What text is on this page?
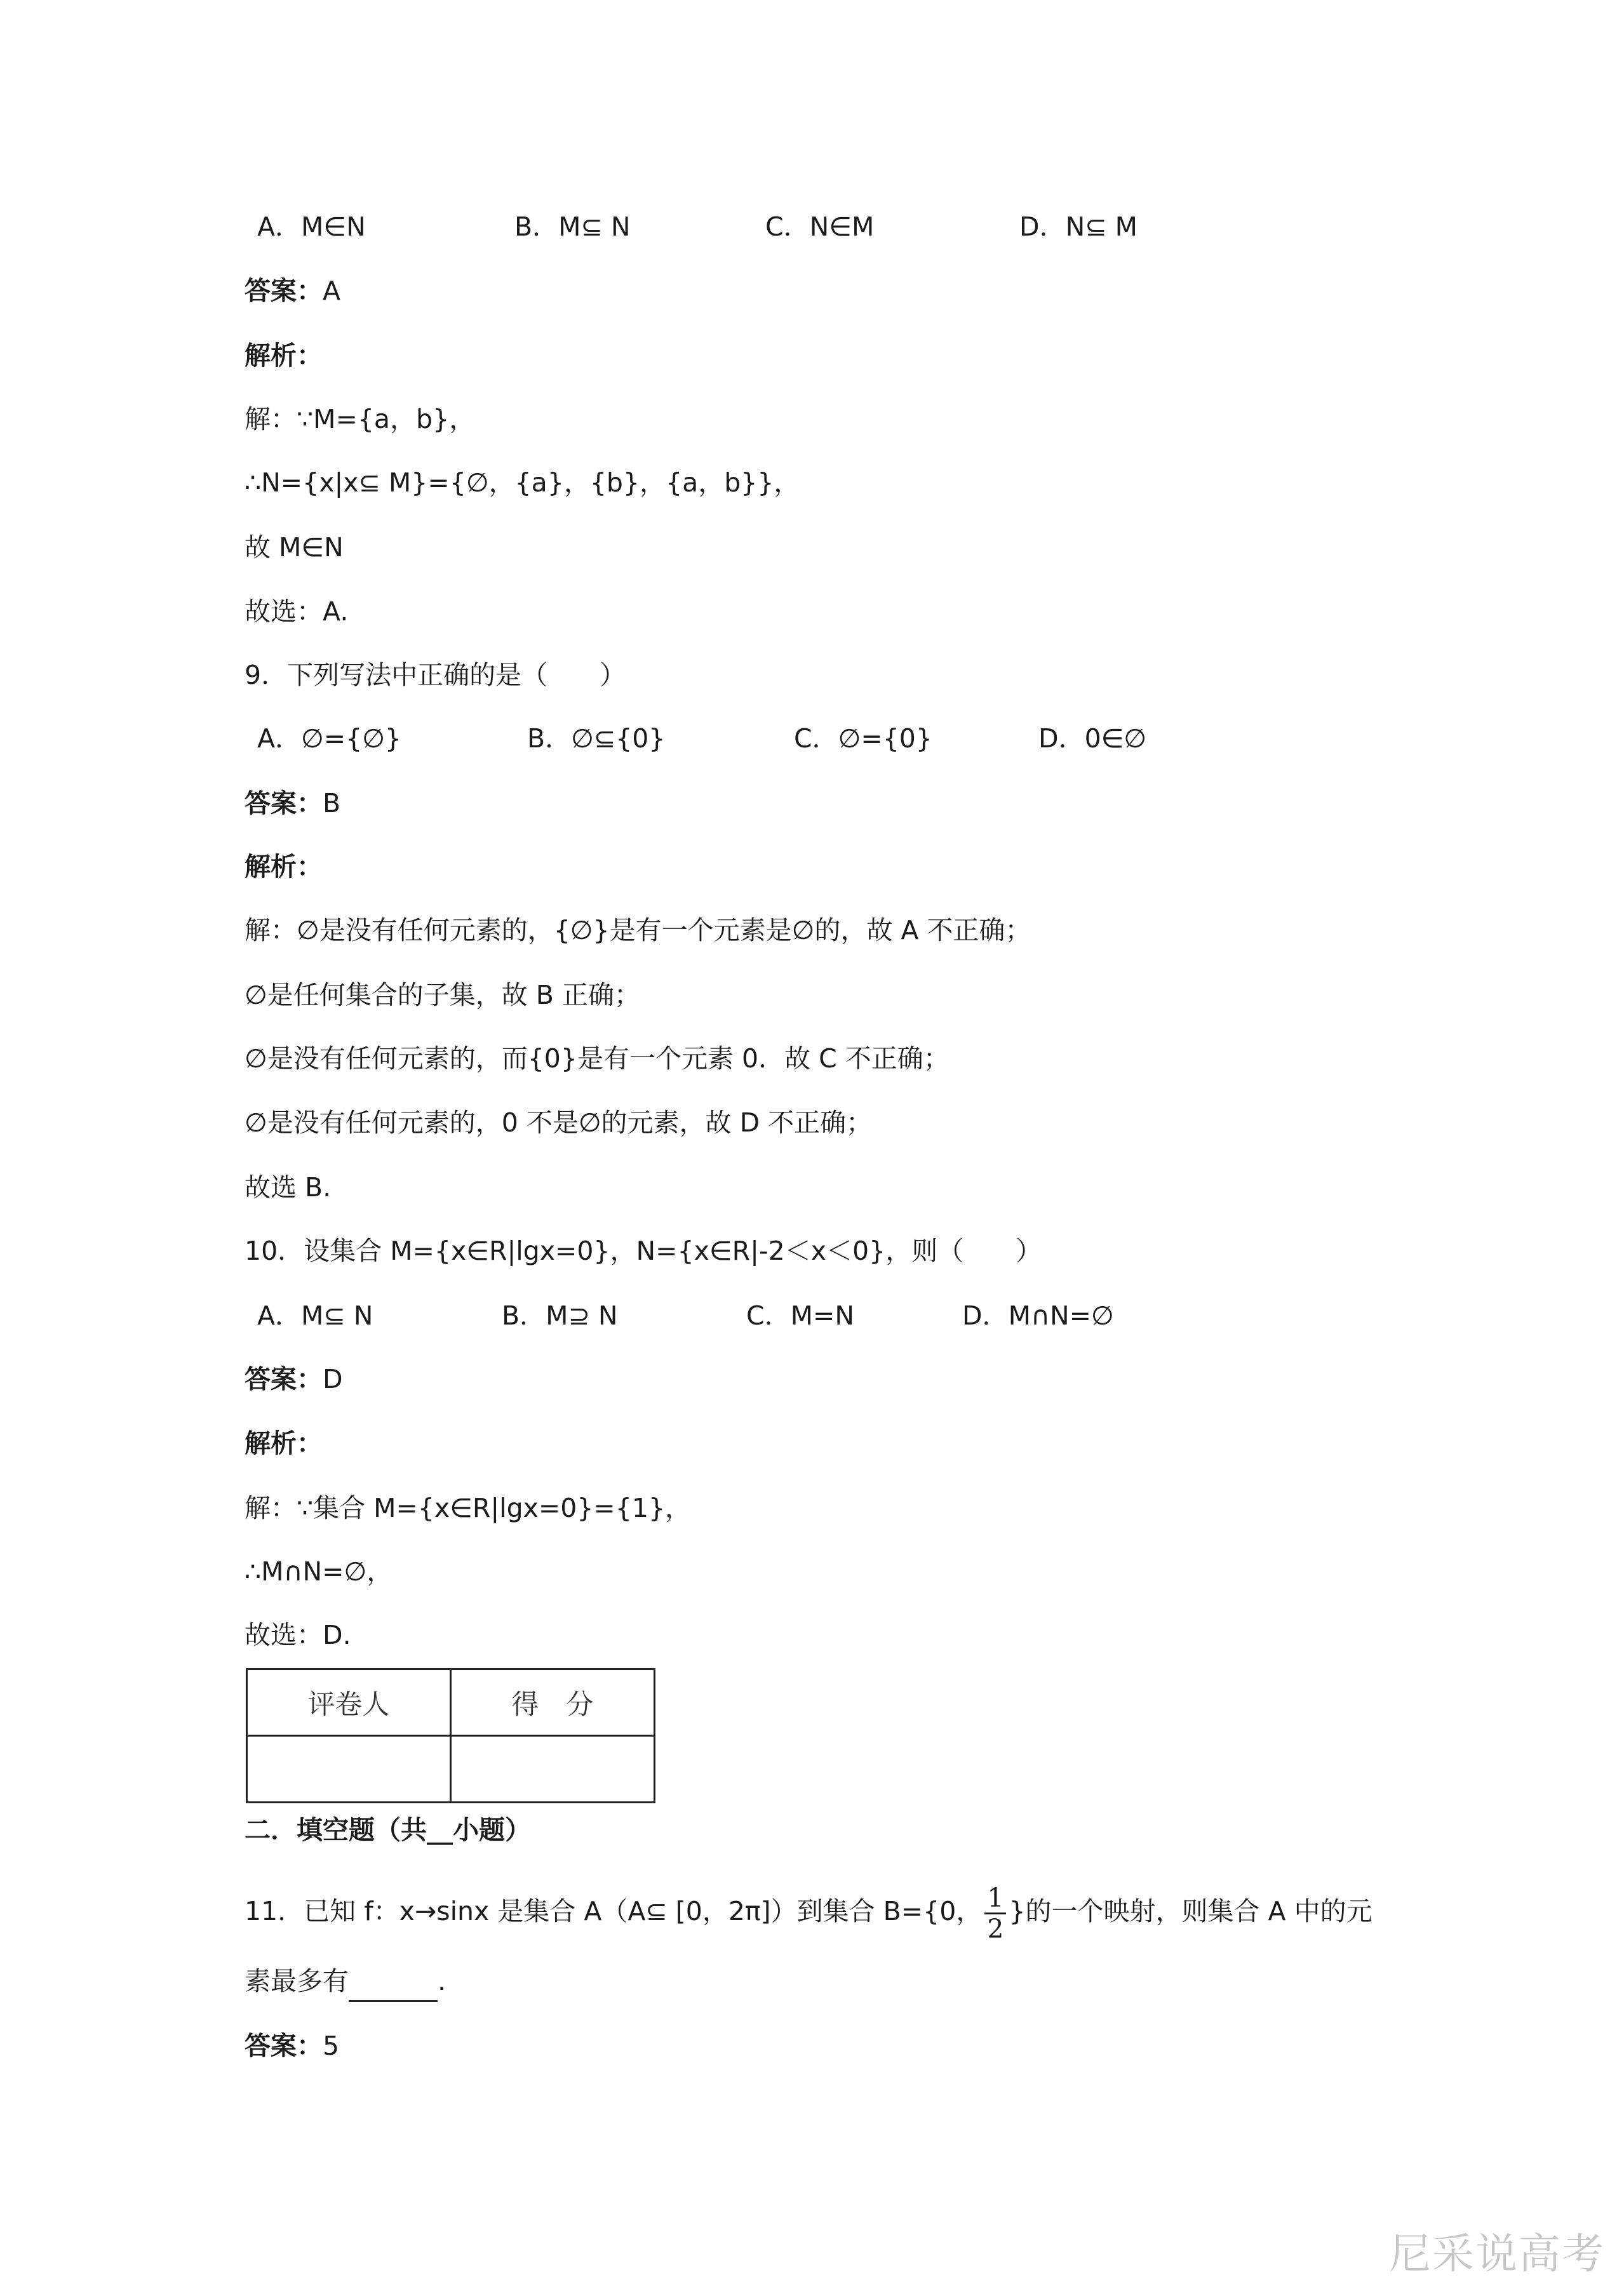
A．M∈N	B．M⊆ N	C．N∈M	D．N⊆ M
答案：A
解析：
解：∵M={a，b}，
∴N={x|x⊆ M}={∅，{a}，{b}，{a，b}}，
故 M∈N
故选：A.
9．下列写法中正确的是（　　）
A．∅={∅}	B．∅⊆{0}	C．∅={0}	D．0∈∅
答案：B
解析：
解：∅是没有任何元素的，{∅}是有一个元素是∅的，故 A 不正确；
∅是任何集合的子集，故 B 正确；
∅是没有任何元素的，而{0}是有一个元素 0．故 C 不正确；
∅是没有任何元素的，0 不是∅的元素，故 D 不正确；
故选 B.
10．设集合 M={x∈R|lgx=0}，N={x∈R|-2＜x＜0}，则（　　）
A．M⊆ N	B．M⊇ N	C．M=N	D．M∩N=∅
答案：D
解析：
解：∵集合 M={x∈R|lgx=0}={1}，
∴M∩N=∅，
故选：D.
评卷人	得　分

二．填空题（共__小题）
11．已知 f：x→sinx 是集合 A（A⊆ [0，2π]）到集合 B={0， $\frac{1}{2}$ }的一个映射，则集合 A 中的元
素最多有	.
答案：5
尼采说高考
